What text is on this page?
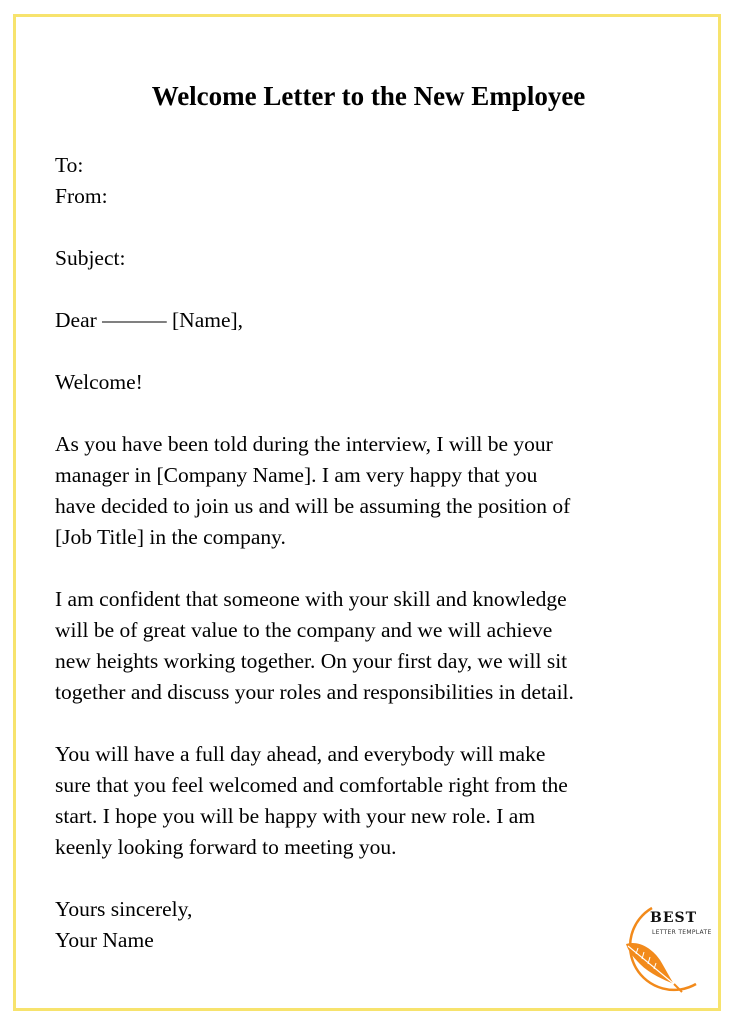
Welcome Letter to the New Employee
To:
From:
Subject:
Dear ——— [Name],
Welcome!
As you have been told during the interview, I will be your
manager in [Company Name]. I am very happy that you
have decided to join us and will be assuming the position of
[Job Title] in the company.
I am confident that someone with your skill and knowledge
will be of great value to the company and we will achieve
new heights working together. On your first day, we will sit
together and discuss your roles and responsibilities in detail.
You will have a full day ahead, and everybody will make
sure that you feel welcomed and comfortable right from the
start. I hope you will be happy with your new role. I am
keenly looking forward to meeting you.
Yours sincerely,
Your Name
BEST
LETTER TEMPLATE
